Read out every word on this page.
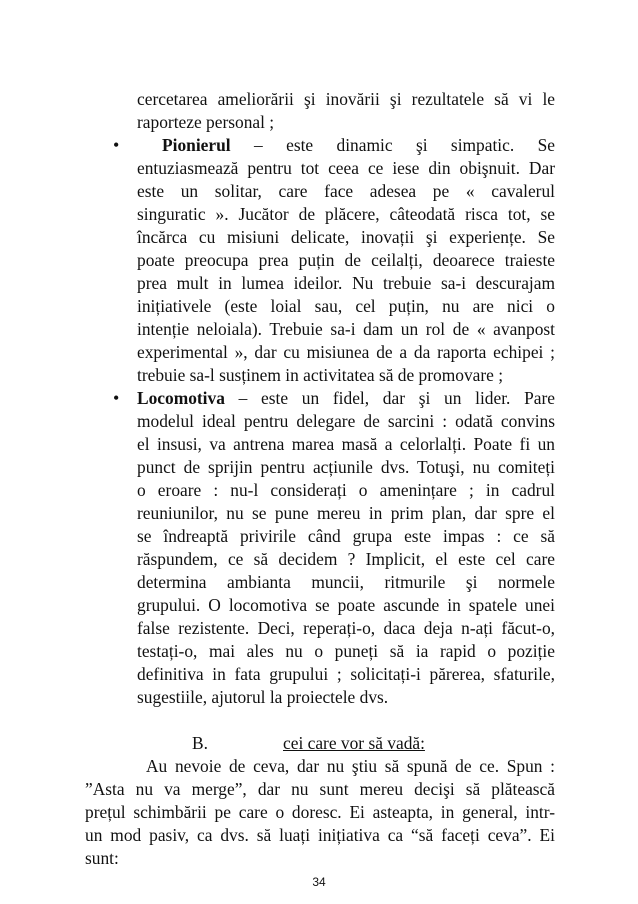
cercetarea ameliorării şi inovării şi rezultatele să vi le
raporteze personal ;
• Pionierul – este dinamic şi simpatic. Se
entuziasmează pentru tot ceea ce iese din obişnuit. Dar
este un solitar, care face adesea pe « cavalerul
singuratic ». Jucător de plăcere, câteodată risca tot, se
încărca cu misiuni delicate, inovații şi experiențe. Se
poate preocupa prea puțin de ceilalți, deoarece traieste
prea mult in lumea ideilor. Nu trebuie sa-i descurajam
inițiativele (este loial sau, cel puțin, nu are nici o
intenție neloiala). Trebuie sa-i dam un rol de « avanpost
experimental », dar cu misiunea de a da raporta echipei ;
trebuie sa-l susținem in activitatea să de promovare ;
• Locomotiva – este un fidel, dar şi un lider. Pare
modelul ideal pentru delegare de sarcini : odată convins
el insusi, va antrena marea masă a celorlalți. Poate fi un
punct de sprijin pentru acțiunile dvs. Totuşi, nu comiteți
o eroare : nu-l considerați o amenințare ; in cadrul
reuniunilor, nu se pune mereu in prim plan, dar spre el
se îndreaptă privirile când grupa este impas : ce să
răspundem, ce să decidem ? Implicit, el este cel care
determina ambianta muncii, ritmurile şi normele
grupului. O locomotiva se poate ascunde in spatele unei
false rezistente. Deci, reperați-o, daca deja n-ați făcut-o,
testați-o, mai ales nu o puneți să ia rapid o poziție
definitiva in fata grupului ; solicitați-i părerea, sfaturile,
sugestiile, ajutorul la proiectele dvs.
B.	cei care vor să vadă:
Au nevoie de ceva, dar nu ştiu să spună de ce. Spun :
”Asta nu va merge”, dar nu sunt mereu decişi să plătească
prețul schimbării pe care o doresc. Ei asteapta, in general, intr-
un mod pasiv, ca dvs. să luați inițiativa ca “să faceți ceva”. Ei
sunt:
34
